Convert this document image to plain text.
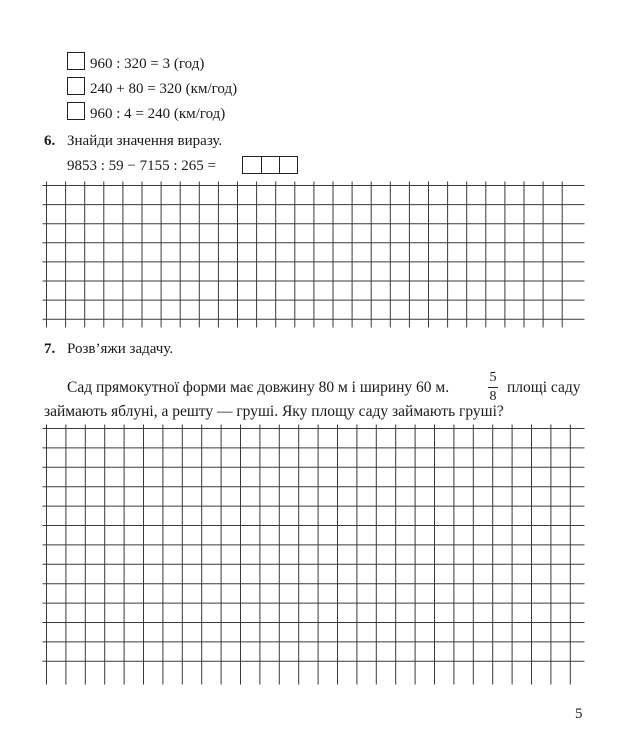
960 : 320 = 3 (год)
240 + 80 = 320 (км/год)
960 : 4 = 240 (км/год)
6. Знайди значення виразу.
9853 : 59 − 7155 : 265 =
7. Розв’яжи задачу.
Сад прямокутної форми має довжину 80 м і ширину 60 м.
5
8
площі саду
займають яблуні, а решту — груші. Яку площу саду займають груші?
5
